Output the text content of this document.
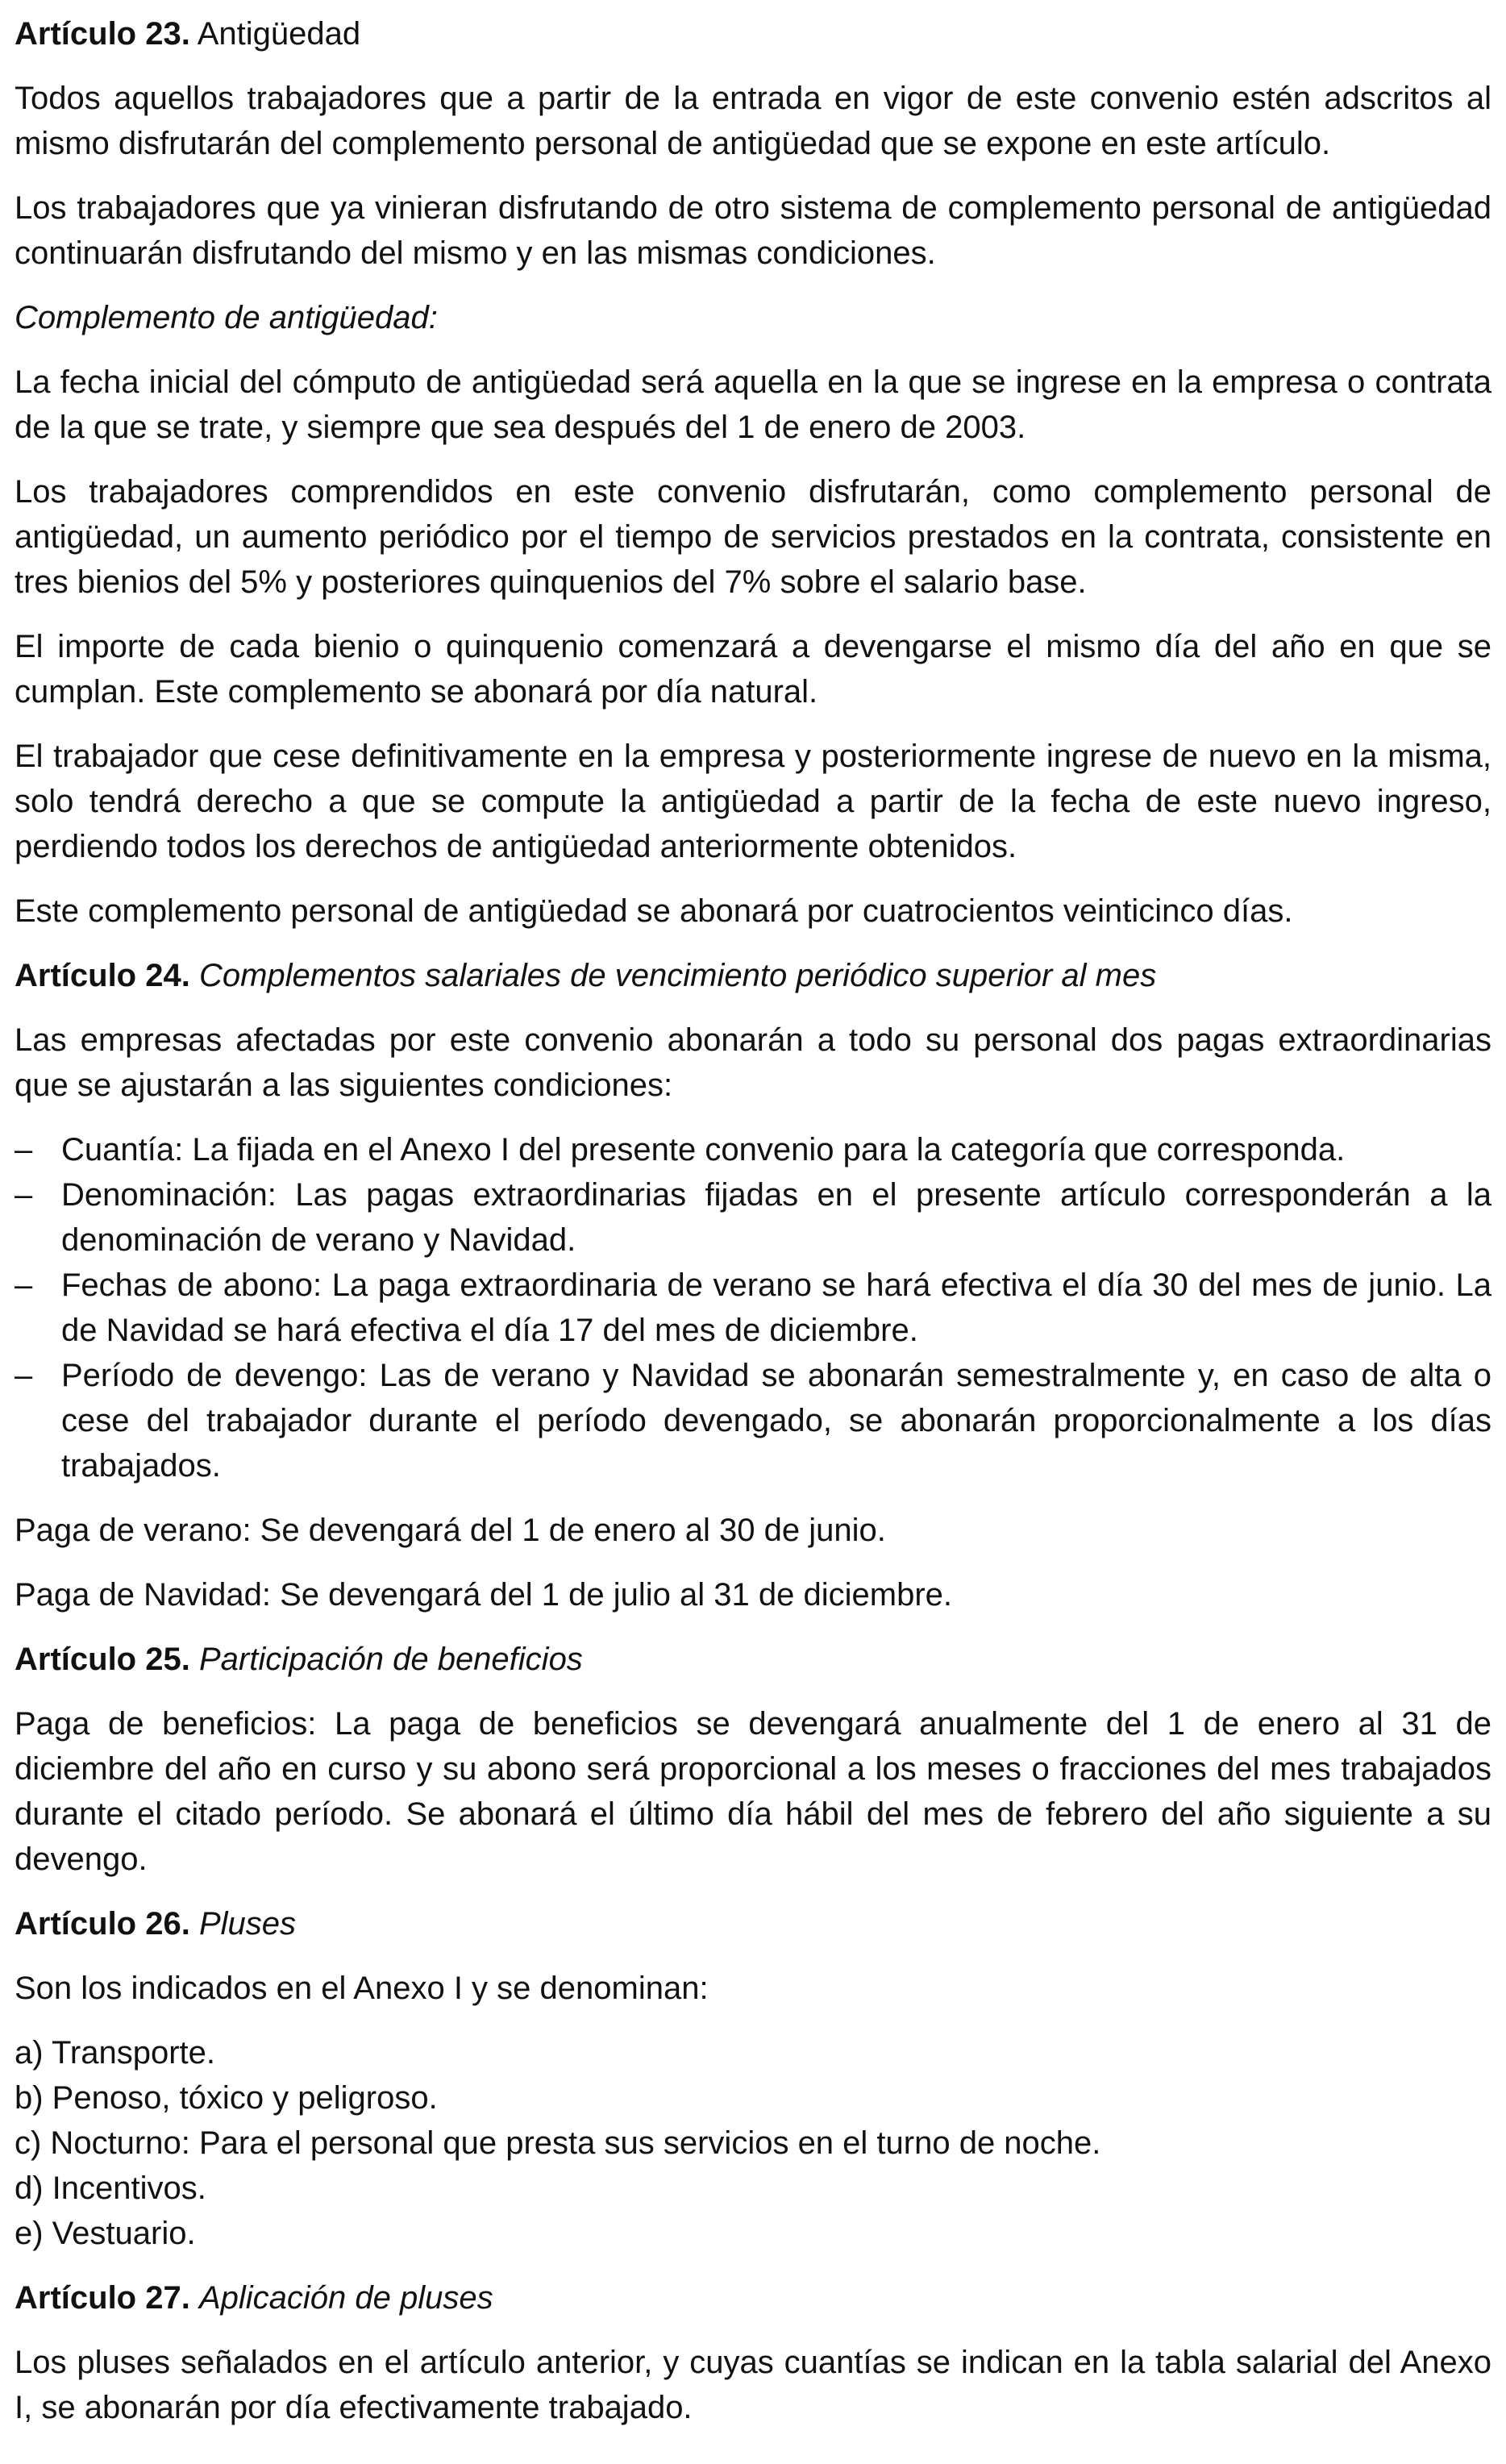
Artículo 23. Antigüedad

Todos aquellos trabajadores que a partir de la entrada en vigor de este convenio estén adscritos al mismo disfrutarán del complemento personal de antigüedad que se expone en este artículo.

Los trabajadores que ya vinieran disfrutando de otro sistema de complemento personal de antigüedad continuarán disfrutando del mismo y en las mismas condiciones.

Complemento de antigüedad:

La fecha inicial del cómputo de antigüedad será aquella en la que se ingrese en la empresa o contrata de la que se trate, y siempre que sea después del 1 de enero de 2003.

Los trabajadores comprendidos en este convenio disfrutarán, como complemento personal de antigüedad, un aumento periódico por el tiempo de servicios prestados en la contrata, consistente en tres bienios del 5% y posteriores quinquenios del 7% sobre el salario base.

El importe de cada bienio o quinquenio comenzará a devengarse el mismo día del año en que se cumplan. Este complemento se abonará por día natural.

El trabajador que cese definitivamente en la empresa y posteriormente ingrese de nuevo en la misma, solo tendrá derecho a que se compute la antigüedad a partir de la fecha de este nuevo ingreso, perdiendo todos los derechos de antigüedad anteriormente obtenidos.

Este complemento personal de antigüedad se abonará por cuatrocientos veinticinco días.

Artículo 24. Complementos salariales de vencimiento periódico superior al mes

Las empresas afectadas por este convenio abonarán a todo su personal dos pagas extraordinarias que se ajustarán a las siguientes condiciones:

– Cuantía: La fijada en el Anexo I del presente convenio para la categoría que corresponda.
– Denominación: Las pagas extraordinarias fijadas en el presente artículo corresponderán a la denominación de verano y Navidad.
– Fechas de abono: La paga extraordinaria de verano se hará efectiva el día 30 del mes de junio. La de Navidad se hará efectiva el día 17 del mes de diciembre.
– Período de devengo: Las de verano y Navidad se abonarán semestralmente y, en caso de alta o cese del trabajador durante el período devengado, se abonarán proporcionalmente a los días trabajados.

Paga de verano: Se devengará del 1 de enero al 30 de junio.

Paga de Navidad: Se devengará del 1 de julio al 31 de diciembre.

Artículo 25. Participación de beneficios

Paga de beneficios: La paga de beneficios se devengará anualmente del 1 de enero al 31 de diciembre del año en curso y su abono será proporcional a los meses o fracciones del mes trabajados durante el citado período. Se abonará el último día hábil del mes de febrero del año siguiente a su devengo.

Artículo 26. Pluses

Son los indicados en el Anexo I y se denominan:

a) Transporte.
b) Penoso, tóxico y peligroso.
c) Nocturno: Para el personal que presta sus servicios en el turno de noche.
d) Incentivos.
e) Vestuario.

Artículo 27. Aplicación de pluses

Los pluses señalados en el artículo anterior, y cuyas cuantías se indican en la tabla salarial del Anexo I, se abonarán por día efectivamente trabajado.
